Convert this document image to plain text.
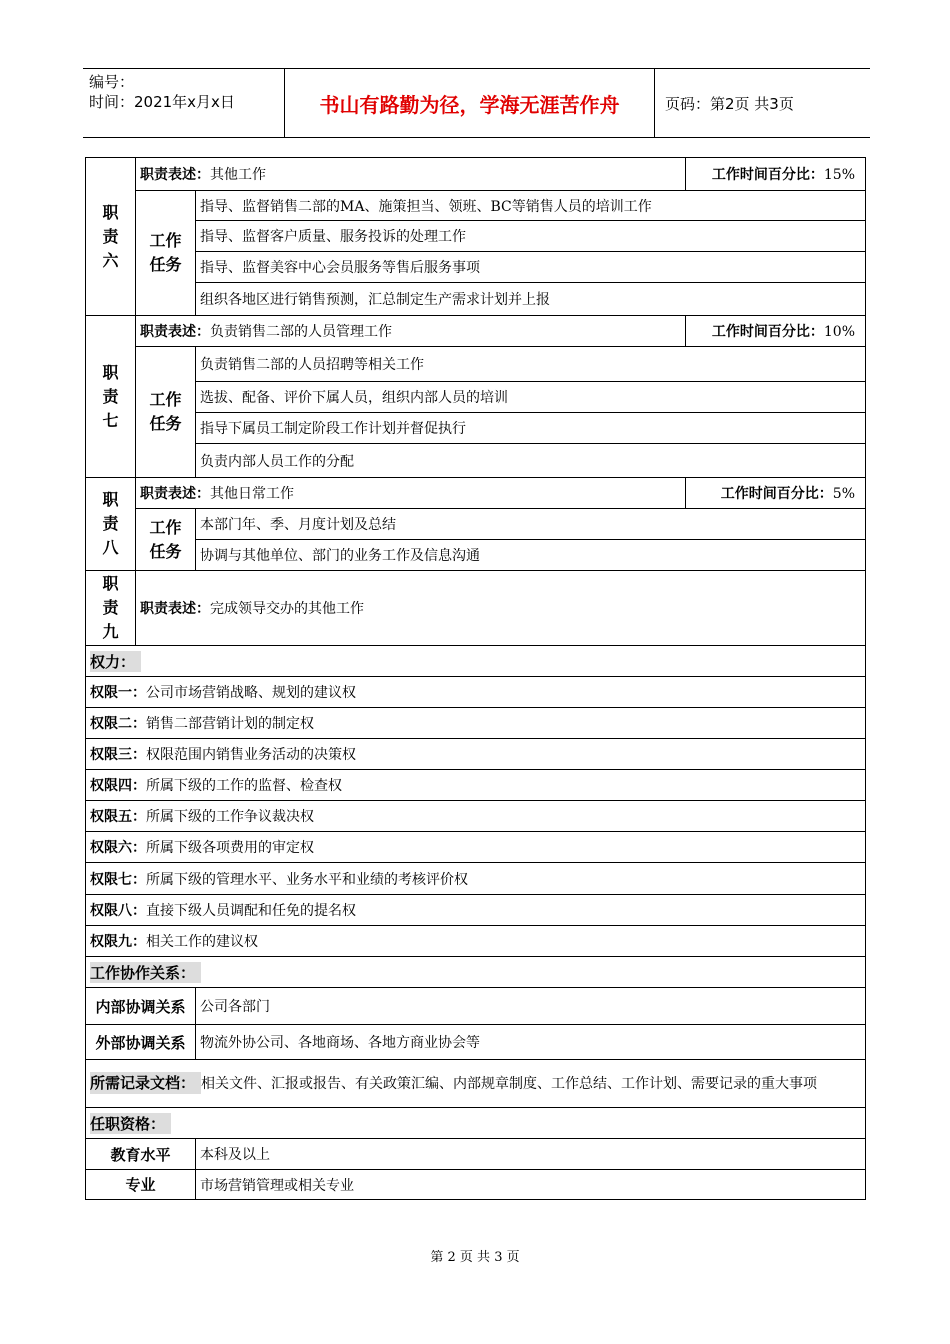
编号：
时间：2021年x月x日	书山有路勤为径，学海无涯苦作舟	页码：第2页 共3页
职
责
六	职责表述：其他工作		工作时间百分比：15%
	工作
任务	指导、监督销售二部的MA、施策担当、领班、BC等销售人员的培训工作	
		指导、监督客户质量、服务投诉的处理工作	
		指导、监督美容中心会员服务等售后服务事项	
		组织各地区进行销售预测，汇总制定生产需求计划并上报	
职
责
七	职责表述：负责销售二部的人员管理工作		工作时间百分比：10%
	工作
任务	负责销售二部的人员招聘等相关工作	
		选拔、配备、评价下属人员，组织内部人员的培训	
		指导下属员工制定阶段工作计划并督促执行	
		负责内部人员工作的分配	
职
责
八	职责表述：其他日常工作		工作时间百分比：5%
	工作
任务	本部门年、季、月度计划及总结	
		协调与其他单位、部门的业务工作及信息沟通	
职
责
九	职责表述：完成领导交办的其他工作		
权力：			
权限一：公司市场营销战略、规划的建议权			
权限二：销售二部营销计划的制定权			
权限三：权限范围内销售业务活动的决策权			
权限四：所属下级的工作的监督、检查权			
权限五：所属下级的工作争议裁决权			
权限六：所属下级各项费用的审定权			
权限七：所属下级的管理水平、业务水平和业绩的考核评价权			
权限八：直接下级人员调配和任免的提名权			
权限九：相关工作的建议权			
工作协作关系：			
内部协调关系		公司各部门	
外部协调关系		物流外协公司、各地商场、各地方商业协会等	
所需记录文档： 相关文件、汇报或报告、有关政策汇编、内部规章制度、工作总结、工作计划、需要记录的重大事项			
任职资格：			
教育水平		本科及以上	
专业		市场营销管理或相关专业	
第 2 页 共 3 页
